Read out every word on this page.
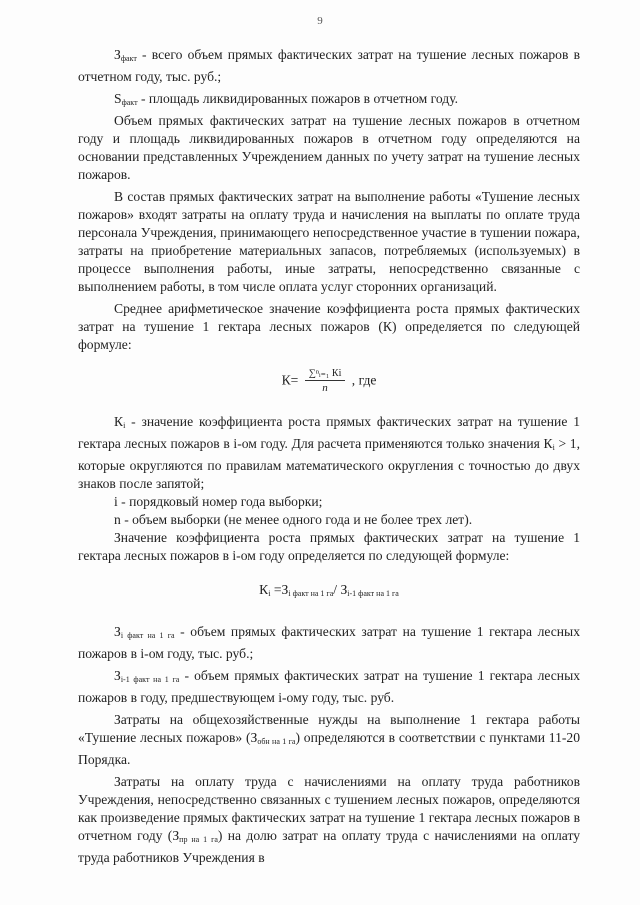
9

$З_{факт}$ - всего объем прямых фактических затрат на тушение лесных пожаров в отчетном году, тыс. руб.;

$S_{факт}$ - площадь ликвидированных пожаров в отчетном году.

Объем прямых фактических затрат на тушение лесных пожаров в отчетном году и площадь ликвидированных пожаров в отчетном году определяются на основании представленных Учреждением данных по учету затрат на тушение лесных пожаров.

В состав прямых фактических затрат на выполнение работы «Тушение лесных пожаров» входят затраты на оплату труда и начисления на выплаты по оплате труда персонала Учреждения, принимающего непосредственное участие в тушении пожара, затраты на приобретение материальных запасов, потребляемых (используемых) в процессе выполнения работы, иные затраты, непосредственно связанные с выполнением работы, в том числе оплата услуг сторонних организаций.

Среднее арифметическое значение коэффициента роста прямых фактических затрат на тушение 1 гектара лесных пожаров (К) определяется по следующей формуле:

$К= \frac{\text{∑ⁿᵢ₌₁ Кi}}{n}$ , где

$К_i$ - значение коэффициента роста прямых фактических затрат на тушение 1 гектара лесных пожаров в i-ом году. Для расчета применяются только значения $К_i > 1$, которые округляются по правилам математического округления с точностью до двух знаков после запятой;

i - порядковый номер года выборки;

n - объем выборки (не менее одного года и не более трех лет).

Значение коэффициента роста прямых фактических затрат на тушение 1 гектара лесных пожаров в i-ом году определяется по следующей формуле:

$К_i =З_{i факт на 1 га}/$ $З_{i-1 факт на 1 га}$

$З_{i факт на 1 га}$ - объем прямых фактических затрат на тушение 1 гектара лесных пожаров в i-ом году, тыс. руб.;

$З_{i-1 факт на 1 га}$ - объем прямых фактических затрат на тушение 1 гектара лесных пожаров в году, предшествующем i-ому году, тыс. руб.

Затраты на общехозяйственные нужды на выполнение 1 гектара работы «Тушение лесных пожаров» $(З_{обн на 1 га})$ определяются в соответствии с пунктами 11-20 Порядка.

Затраты на оплату труда с начислениями на оплату труда работников Учреждения, непосредственно связанных с тушением лесных пожаров, определяются как произведение прямых фактических затрат на тушение 1 гектара лесных пожаров в отчетном году $(З_{пр на 1 га})$ на долю затрат на оплату труда с начислениями на оплату труда работников Учреждения в
